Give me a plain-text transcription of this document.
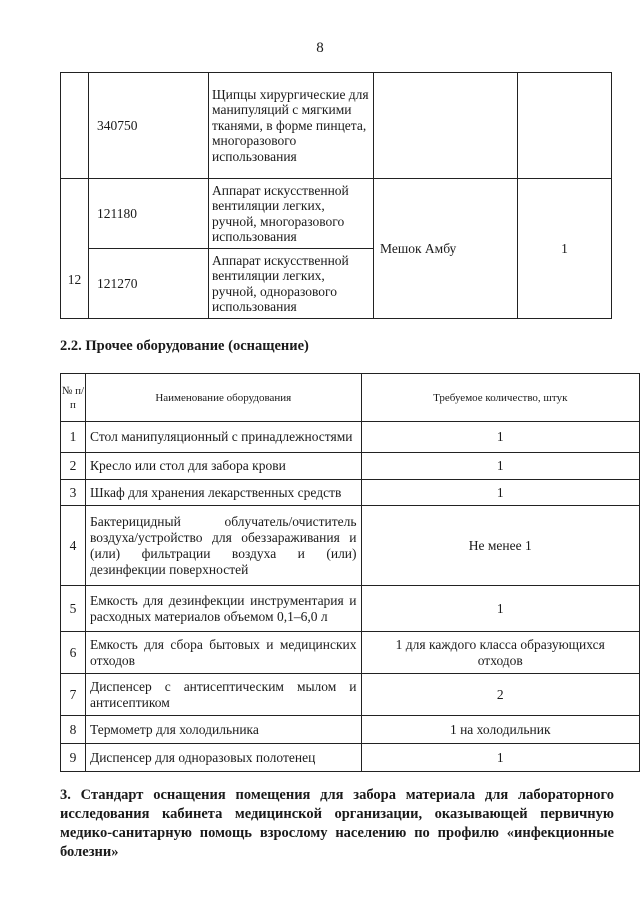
8
	340750	Щипцы хирургические для манипуляций с мягкими тканями, в форме пинцета, многоразового использования		

12	121180	Аппарат искусственной вентиляции легких, ручной, многоразового использования	Мешок Амбу	1
	121270	Аппарат искусственной вентиляции легких, ручной, одноразового использования		
2.2. Прочее оборудование (оснащение)
№ п/п	Наименование оборудования	Требуемое количество, штук
1	Стол манипуляционный с принадлежностями	1
2	Кресло или стол для забора крови	1
3	Шкаф для хранения лекарственных средств	1
4	Бактерицидный облучатель/очиститель воздуха/устройство для обеззараживания и (или) фильтрации воздуха и (или) дезинфекции поверхностей	Не менее 1
5	Емкость для дезинфекции инструментария и расходных материалов объемом 0,1–6,0 л	1
6	Емкость для сбора бытовых и медицинских отходов	1 для каждого класса образующихся отходов
7	Диспенсер с антисептическим мылом и антисептиком	2
8	Термометр для холодильника	1 на холодильник
9	Диспенсер для одноразовых полотенец	1
3. Стандарт оснащения помещения для забора материала для лабораторного исследования кабинета медицинской организации, оказывающей первичную медико-санитарную помощь взрослому населению по профилю «инфекционные болезни»
